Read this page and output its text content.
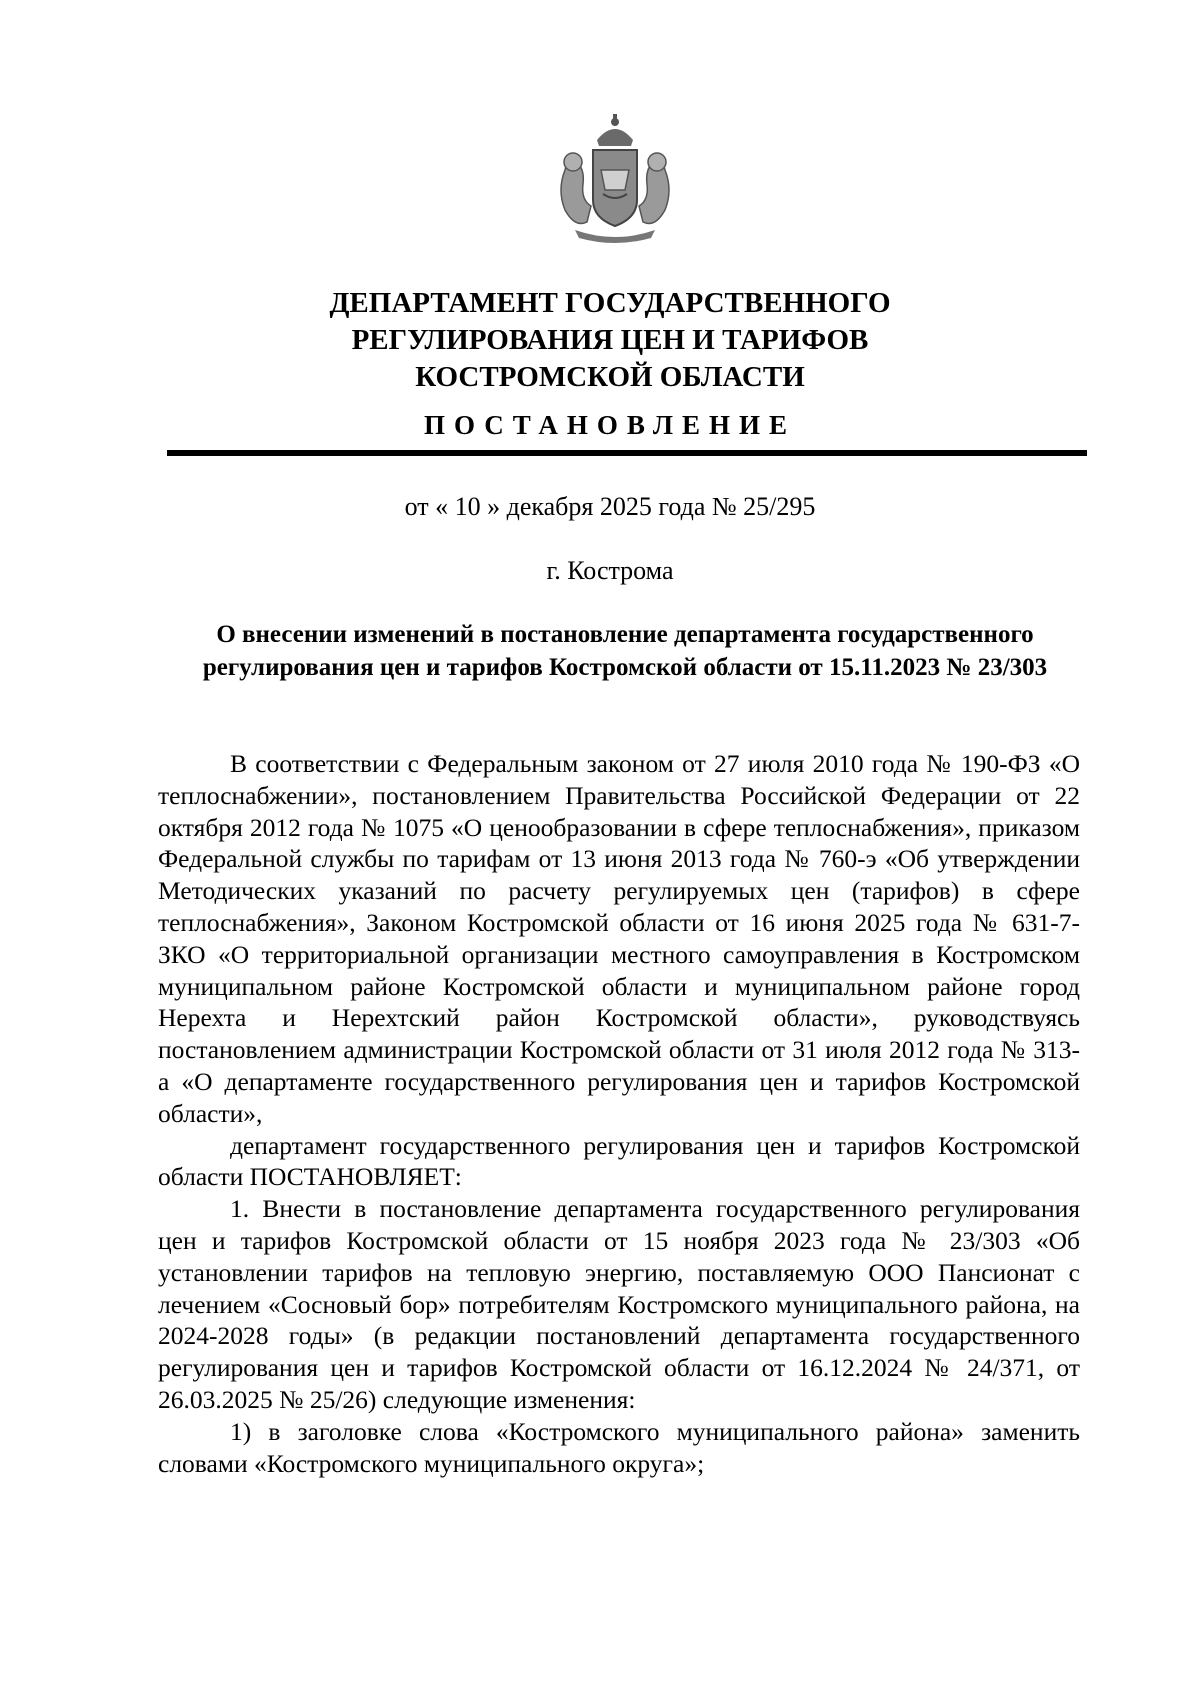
ДЕПАРТАМЕНТ ГОСУДАРСТВЕННОГО
РЕГУЛИРОВАНИЯ ЦЕН И ТАРИФОВ
КОСТРОМСКОЙ ОБЛАСТИ
ПОСТАНОВЛЕНИЕ
от « 10 » декабря 2025 года № 25/295
г. Кострома
О внесении изменений в постановление департамента государственного
регулирования цен и тарифов Костромской области от 15.11.2023 № 23/303

В соответствии с Федеральным законом от 27 июля 2010 года № 190-ФЗ «О теплоснабжении», постановлением Правительства Российской Федерации от 22 октября 2012 года № 1075 «О ценообразовании в сфере теплоснабжения», приказом Федеральной службы по тарифам от 13 июня 2013 года № 760-э «Об утверждении Методических указаний по расчету регулируемых цен (тарифов) в сфере теплоснабжения», Законом Костромской области от 16 июня 2025 года № 631-7-ЗКО «О территориальной организации местного самоуправления в Костромском муниципальном районе Костромской области и муниципальном районе город Нерехта и Нерехтский район Костромской области», руководствуясь постановлением администрации Костромской области от 31 июля 2012 года № 313-а «О департаменте государственного регулирования цен и тарифов Костромской области»,

департамент государственного регулирования цен и тарифов Костромской области ПОСТАНОВЛЯЕТ:

1. Внести в постановление департамента государственного регулирования цен и тарифов Костромской области от 15 ноября 2023 года № 23/303 «Об установлении тарифов на тепловую энергию, поставляемую ООО Пансионат с лечением «Сосновый бор» потребителям Костромского муниципального района, на 2024-2028 годы» (в редакции постановлений департамента государственного регулирования цен и тарифов Костромской области от 16.12.2024 № 24/371, от 26.03.2025 № 25/26) следующие изменения:

1) в заголовке слова «Костромского муниципального района» заменить словами «Костромского муниципального округа»;
